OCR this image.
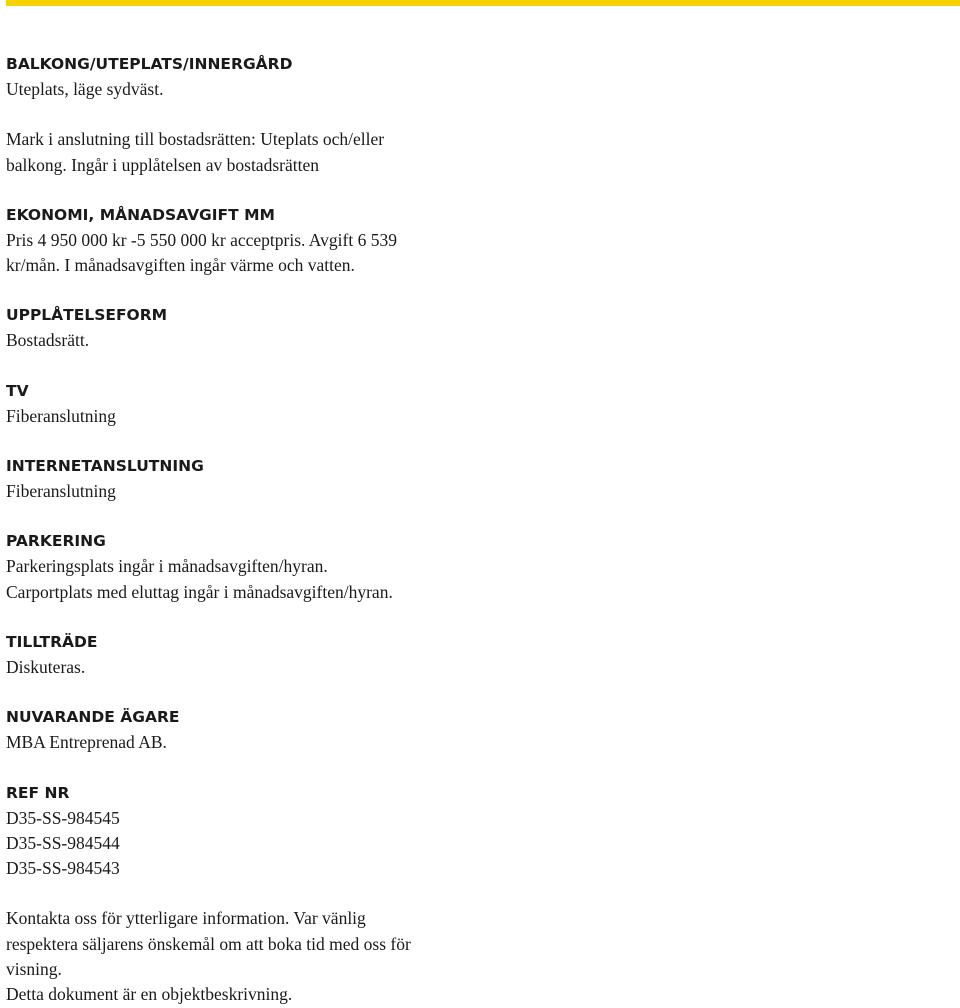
BALKONG/UTEPLATS/INNERGÅRD

Uteplats, läge sydväst.

Mark i anslutning till bostadsrätten: Uteplats och/eller

balkong. Ingår i upplåtelsen av bostadsrätten

EKONOMI, MÅNADSAVGIFT MM

Pris 4 950 000 kr -5 550 000 kr acceptpris. Avgift 6 539

kr/mån. I månadsavgiften ingår värme och vatten.

UPPLÅTELSEFORM

Bostadsrätt.

TV

Fiberanslutning

INTERNETANSLUTNING

Fiberanslutning

PARKERING

Parkeringsplats ingår i månadsavgiften/hyran.

Carportplats med eluttag ingår i månadsavgiften/hyran.

TILLTRÄDE

Diskuteras.

NUVARANDE ÄGARE

MBA Entreprenad AB.

REF NR

D35-SS-984545

D35-SS-984544

D35-SS-984543

Kontakta oss för ytterligare information. Var vänlig

respektera säljarens önskemål om att boka tid med oss för

visning.

Detta dokument är en objektbeskrivning.
